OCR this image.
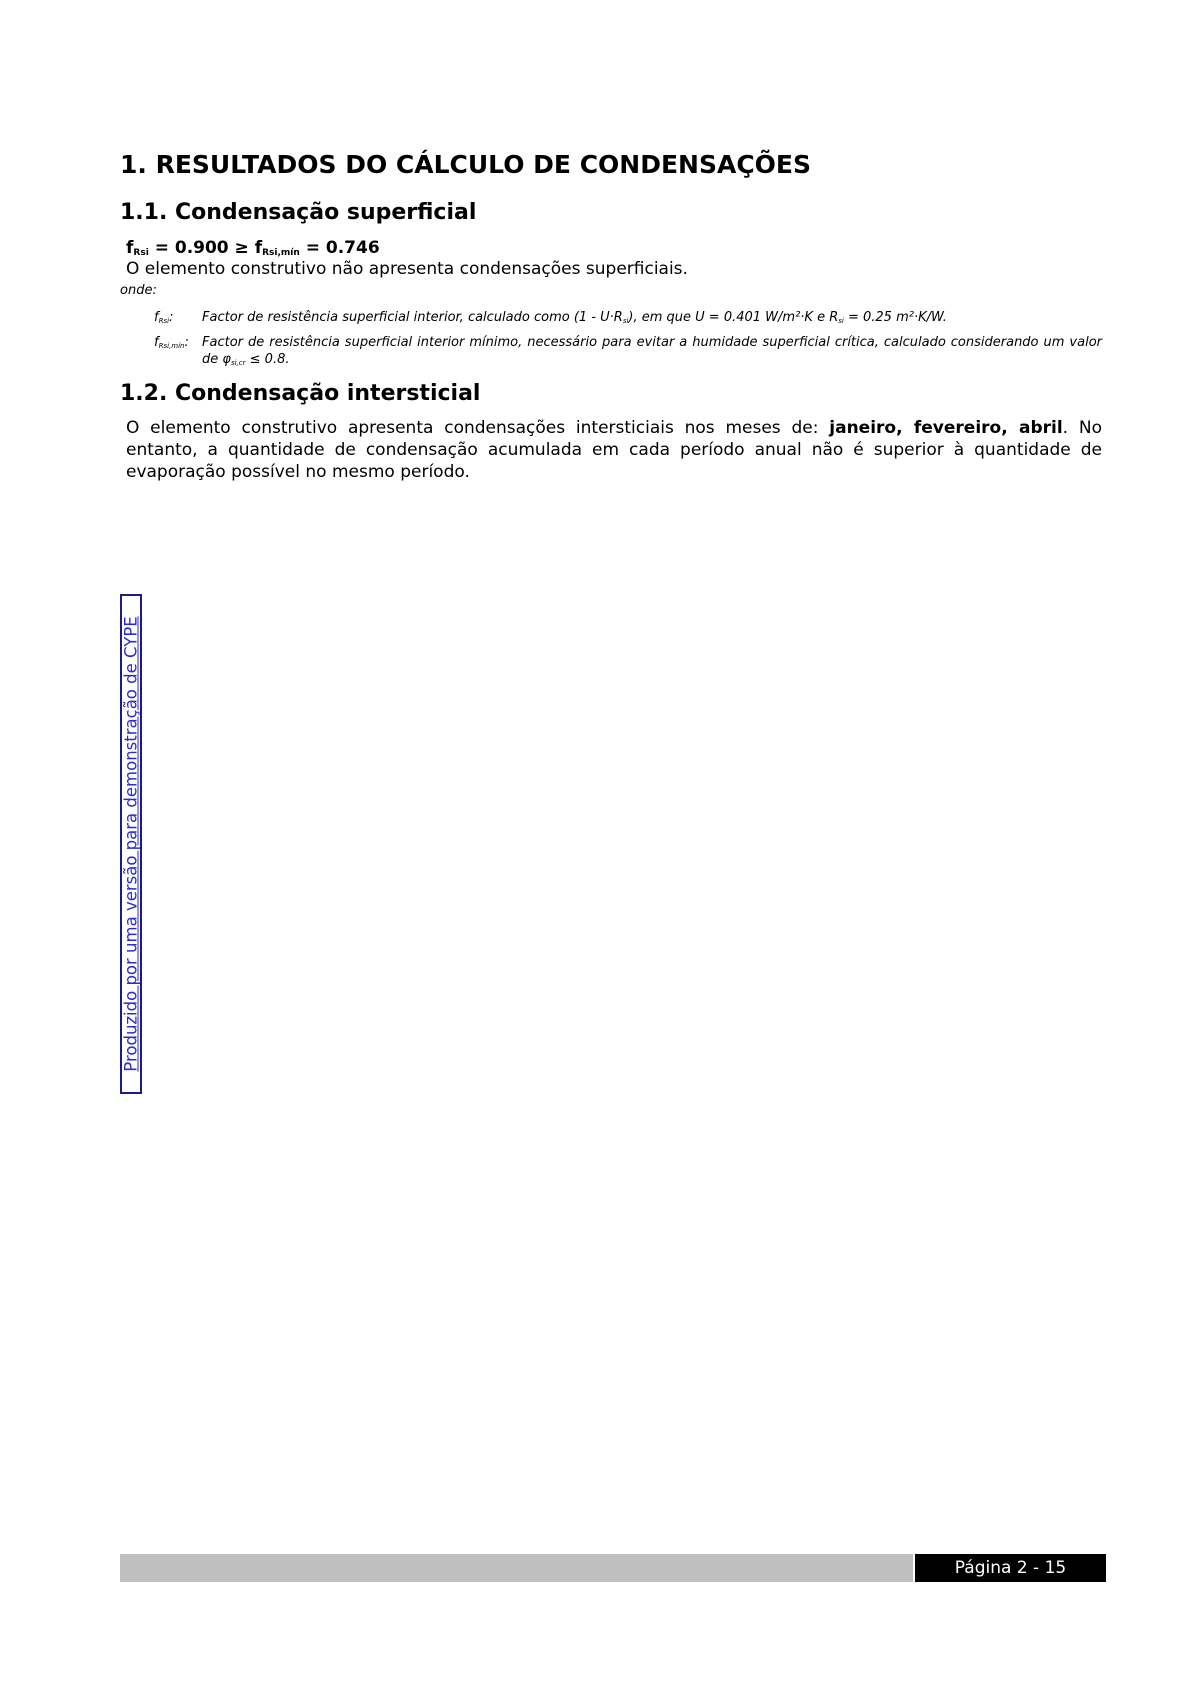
1. RESULTADOS DO CÁLCULO DE CONDENSAÇÕES
1.1. Condensação superficial
$f_{Rsi} = 0.900 \ge f_{Rsi,mín} = 0.746$
O elemento construtivo não apresenta condensações superficiais.
onde:
$f_{Rsi}$:	Factor de resistência superficial interior, calculado como $(1 - U\cdot R_{si})$, em que U = 0.401 W/m²·K e $R_{si} = 0.25$ m²·K/W.
$f_{Rsi,mín}$:	Factor de resistência superficial interior mínimo, necessário para evitar a humidade superficial crítica, calculado considerando um valor de $\varphi_{si,cr} \le 0.8$.
1.2. Condensação intersticial
O elemento construtivo apresenta condensações intersticiais nos meses de: janeiro, fevereiro, abril. No entanto, a quantidade de condensação acumulada em cada período anual não é superior à quantidade de evaporação possível no mesmo período.
Produzido por uma versão para demonstração de CYPE
Página 2 - 15
